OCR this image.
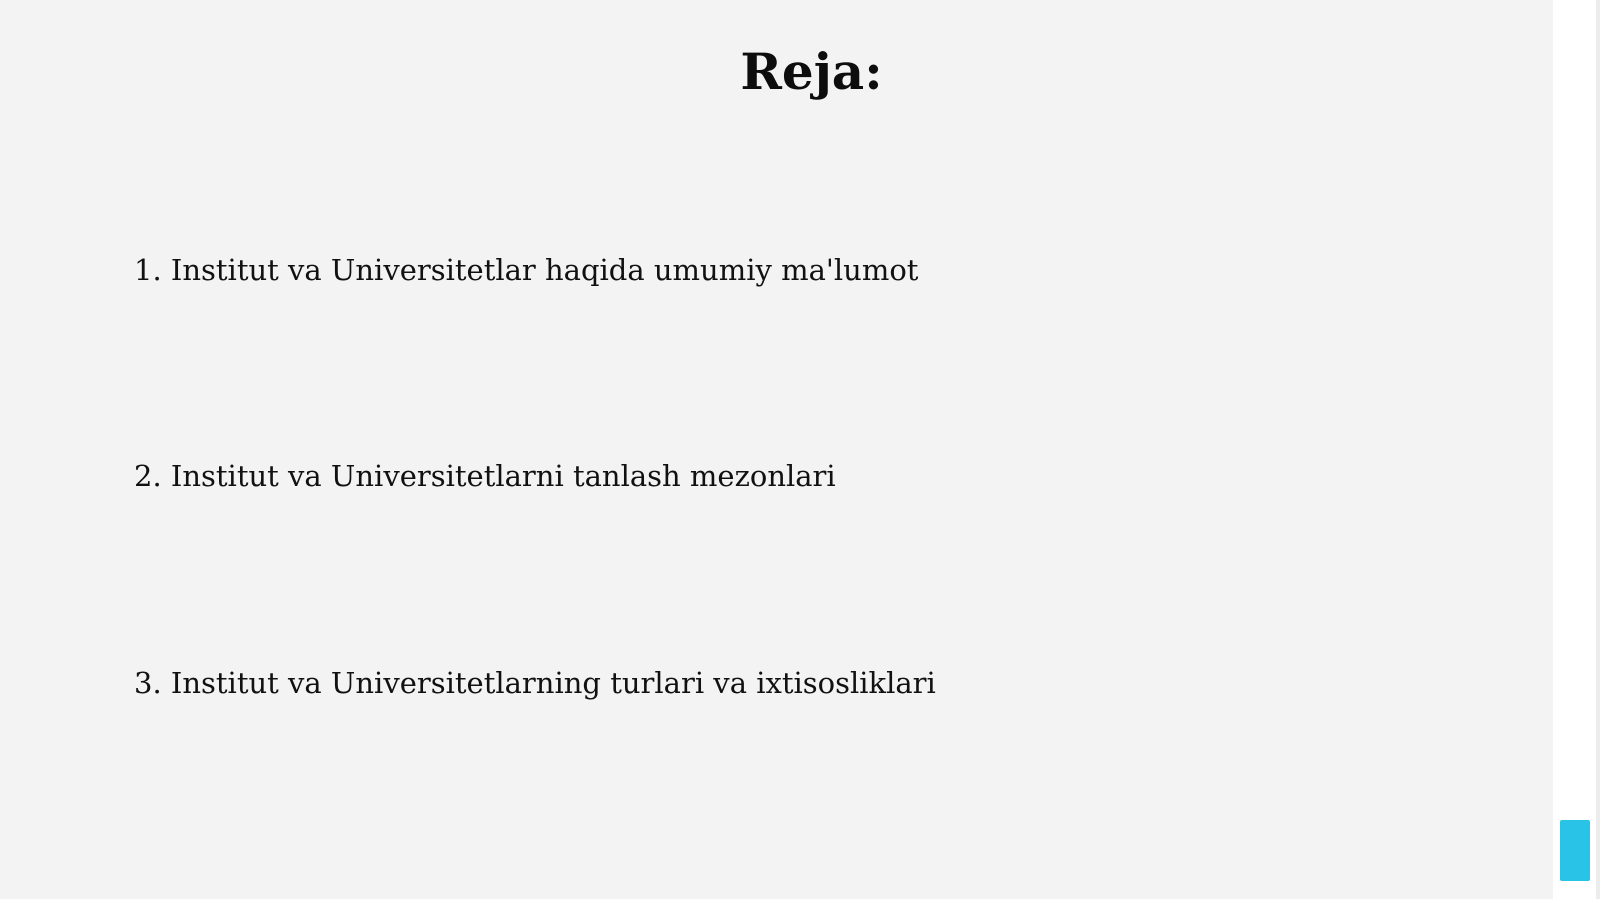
Reja:
1. Institut va Universitetlar haqida umumiy ma'lumot
2. Institut va Universitetlarni tanlash mezonlari
3. Institut va Universitetlarning turlari va ixtisosliklari
